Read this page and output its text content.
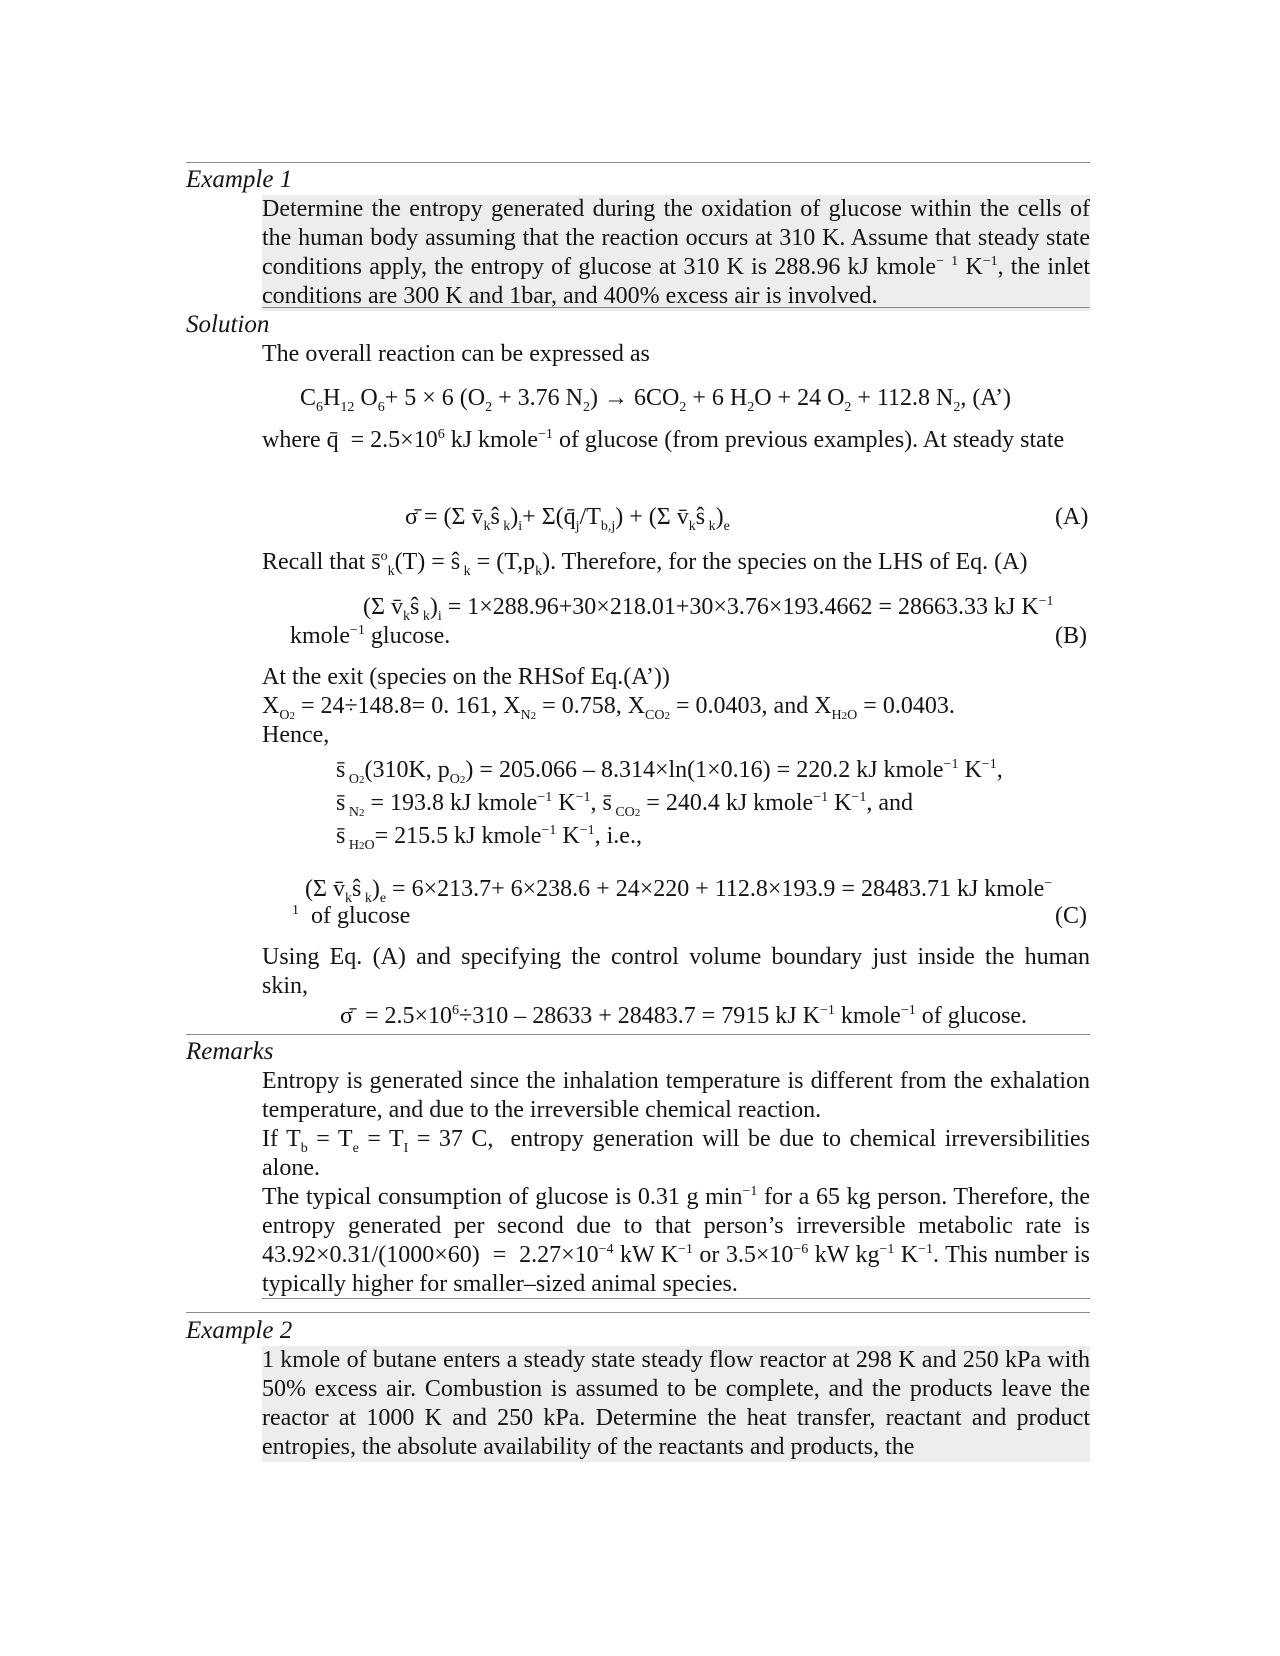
Example 1
Determine the entropy generated during the oxidation of glucose within the cells of the human body assuming that the reaction occurs at 310 K. Assume that steady state conditions apply, the entropy of glucose at 310 K is 288.96 kJ kmole− $^1$ $K^{-1}$, the inlet conditions are 300 K and 1bar, and 400% excess air is involved.
Solution
The overall reaction can be expressed as
$C_6H_{12}$ $O_6+ 5 \times 6$ ($O_2 + 3.76$ $N_2) \to 6CO_2 + 6$ $H_2O + 24$ $O_2 + 112.8$ $N_2$, (A’)
where q̄  = $2.5\times 10^6$ kJ kmole$^{-1}$ of glucose (from previous examples). At steady state
σ̄ = (Σ $v̄_kŝ$ $_k)_i+$ $\Sigma(q̄_j/T_{b,j}) + (\Sigma$ $v̄_kŝ$ $_k)_e$	(A)
Recall that s̄$^o_k$(T) = ŝ $_k = (T,p_k)$. Therefore, for the species on the LHS of Eq. (A)
(Σ $v̄_kŝ$ $_k)_i = 1\times 288.96+30\times 218.01+30\times 3.76\times 193.4662 = 28663.33$ kJ $K^{-1}$
kmole$^{-1}$ glucose.	(B)
At the exit (species on the RHSof Eq.(A’))
$X_{O2} = 24\div 148.8= 0$. 161, $X_{N2} = 0.758$, $X_{CO2} = 0.0403$, and $X_{H2O} = 0.0403$.
Hence,
s̄ $_{O2}$(310K, $p_{O2}) = 205.066 - 8.314\times\ln(1\times 0.16) = 220.2$ kJ kmole$^{-1}$ $K^{-1}$,
s̄ $_{N2}$ = 193.8 kJ kmole$^{-1}$ $K^{-1}$, s̄ $_{CO2}$ = 240.4 kJ kmole$^{-1}$ $K^{-1}$, and
s̄ $_{H2O}$= 215.5 kJ kmole$^{-1}$ $K^{-1}$, i.e.,
(Σ $v̄_kŝ$ $_k)_e = 6\times 213.7+ 6\times 238.6 + 24\times 220 + 112.8\times 193.9 = 28483.71$ kJ kmole−
$^1$  of glucose	(C)
Using Eq. (A) and specifying the control volume boundary just inside the human skin,
σ̄  = $2.5\times 10^6\div 310 - 28633 + 28483.7 = 7915$ kJ $K^{-1}$ kmole$^{-1}$ of glucose.
Remarks
Entropy is generated since the inhalation temperature is different from the exhalation temperature, and due to the irreversible chemical reaction.
If $T_b = T_e = T_I = 37$ C,  entropy generation will be due to chemical irreversibilities alone.
The typical consumption of glucose is 0.31 g $\min^{-1}$ for a 65 kg person. Therefore, the entropy generated per second due to that person’s irreversible metabolic rate is $43.92\times 0.31/(1000\times 60) = 2.27\times 10^{-4}$ kW $K^{-1}$ or $3.5\times 10^{-6}$ kW $kg^{-1}$ $K^{-1}$. This number is typically higher for smaller–sized animal species.
Example 2
1 kmole of butane enters a steady state steady flow reactor at 298 K and 250 kPa with 50% excess air. Combustion is assumed to be complete, and the products leave the reactor at 1000 K and 250 kPa. Determine the heat transfer, reactant and product entropies, the absolute availability of the reactants and products, the
